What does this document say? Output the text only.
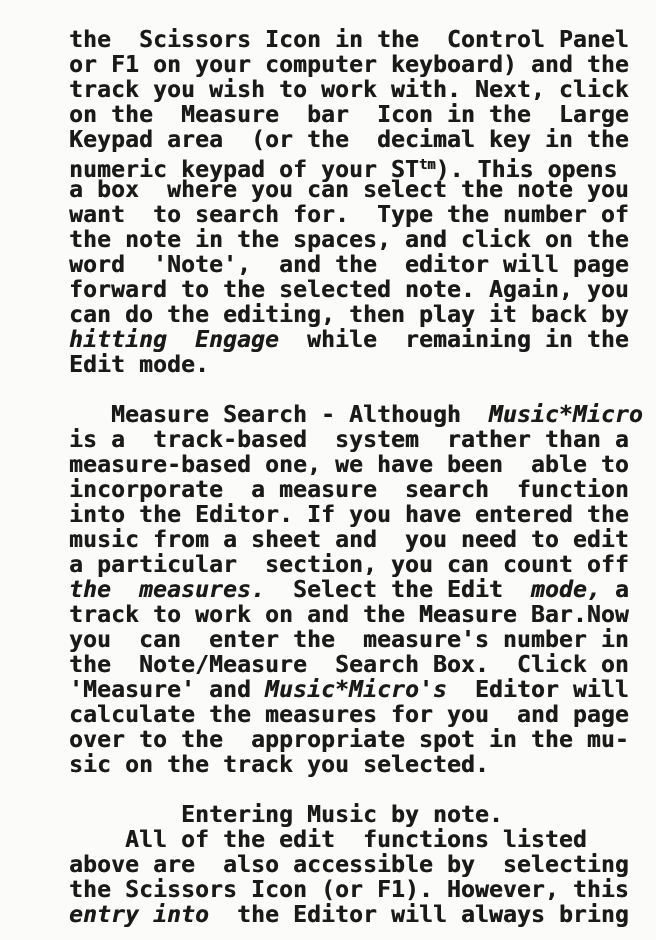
the  Scissors Icon in the  Control Panel
or F1 on your computer keyboard) and the
track you wish to work with. Next, click
on the  Measure  bar  Icon in the  Large
Keypad area  (or the  decimal key in the
numeric keypad of your $ST^{tm}$). This opens
a box  where you can select the note you
want  to search for.  Type the number of
the note in the spaces, and click on the
word  'Note',  and the  editor will page
forward to the selected note. Again, you
can do the editing, then play it back by
hitting  Engage  while  remaining in the
Edit mode.
Measure Search - Although  Music*Micro
is a  track-based  system  rather than a
measure-based one, we have been  able to
incorporate  a measure  search  function
into the Editor. If you have entered the
music from a sheet and  you need to edit
a particular  section, you can count off
the  measures.  Select the Edit  mode, a
track to work on and the Measure Bar.Now
you  can  enter the  measure's number in
the  Note/Measure  Search Box.  Click on
'Measure' and Music*Micro's  Editor will
calculate the measures for you  and page
over to the  appropriate spot in the mu-
sic on the track you selected.
Entering Music by note.
All of the edit  functions listed
above are  also accessible by  selecting
the Scissors Icon (or F1). However, this
entry into  the Editor will always bring
